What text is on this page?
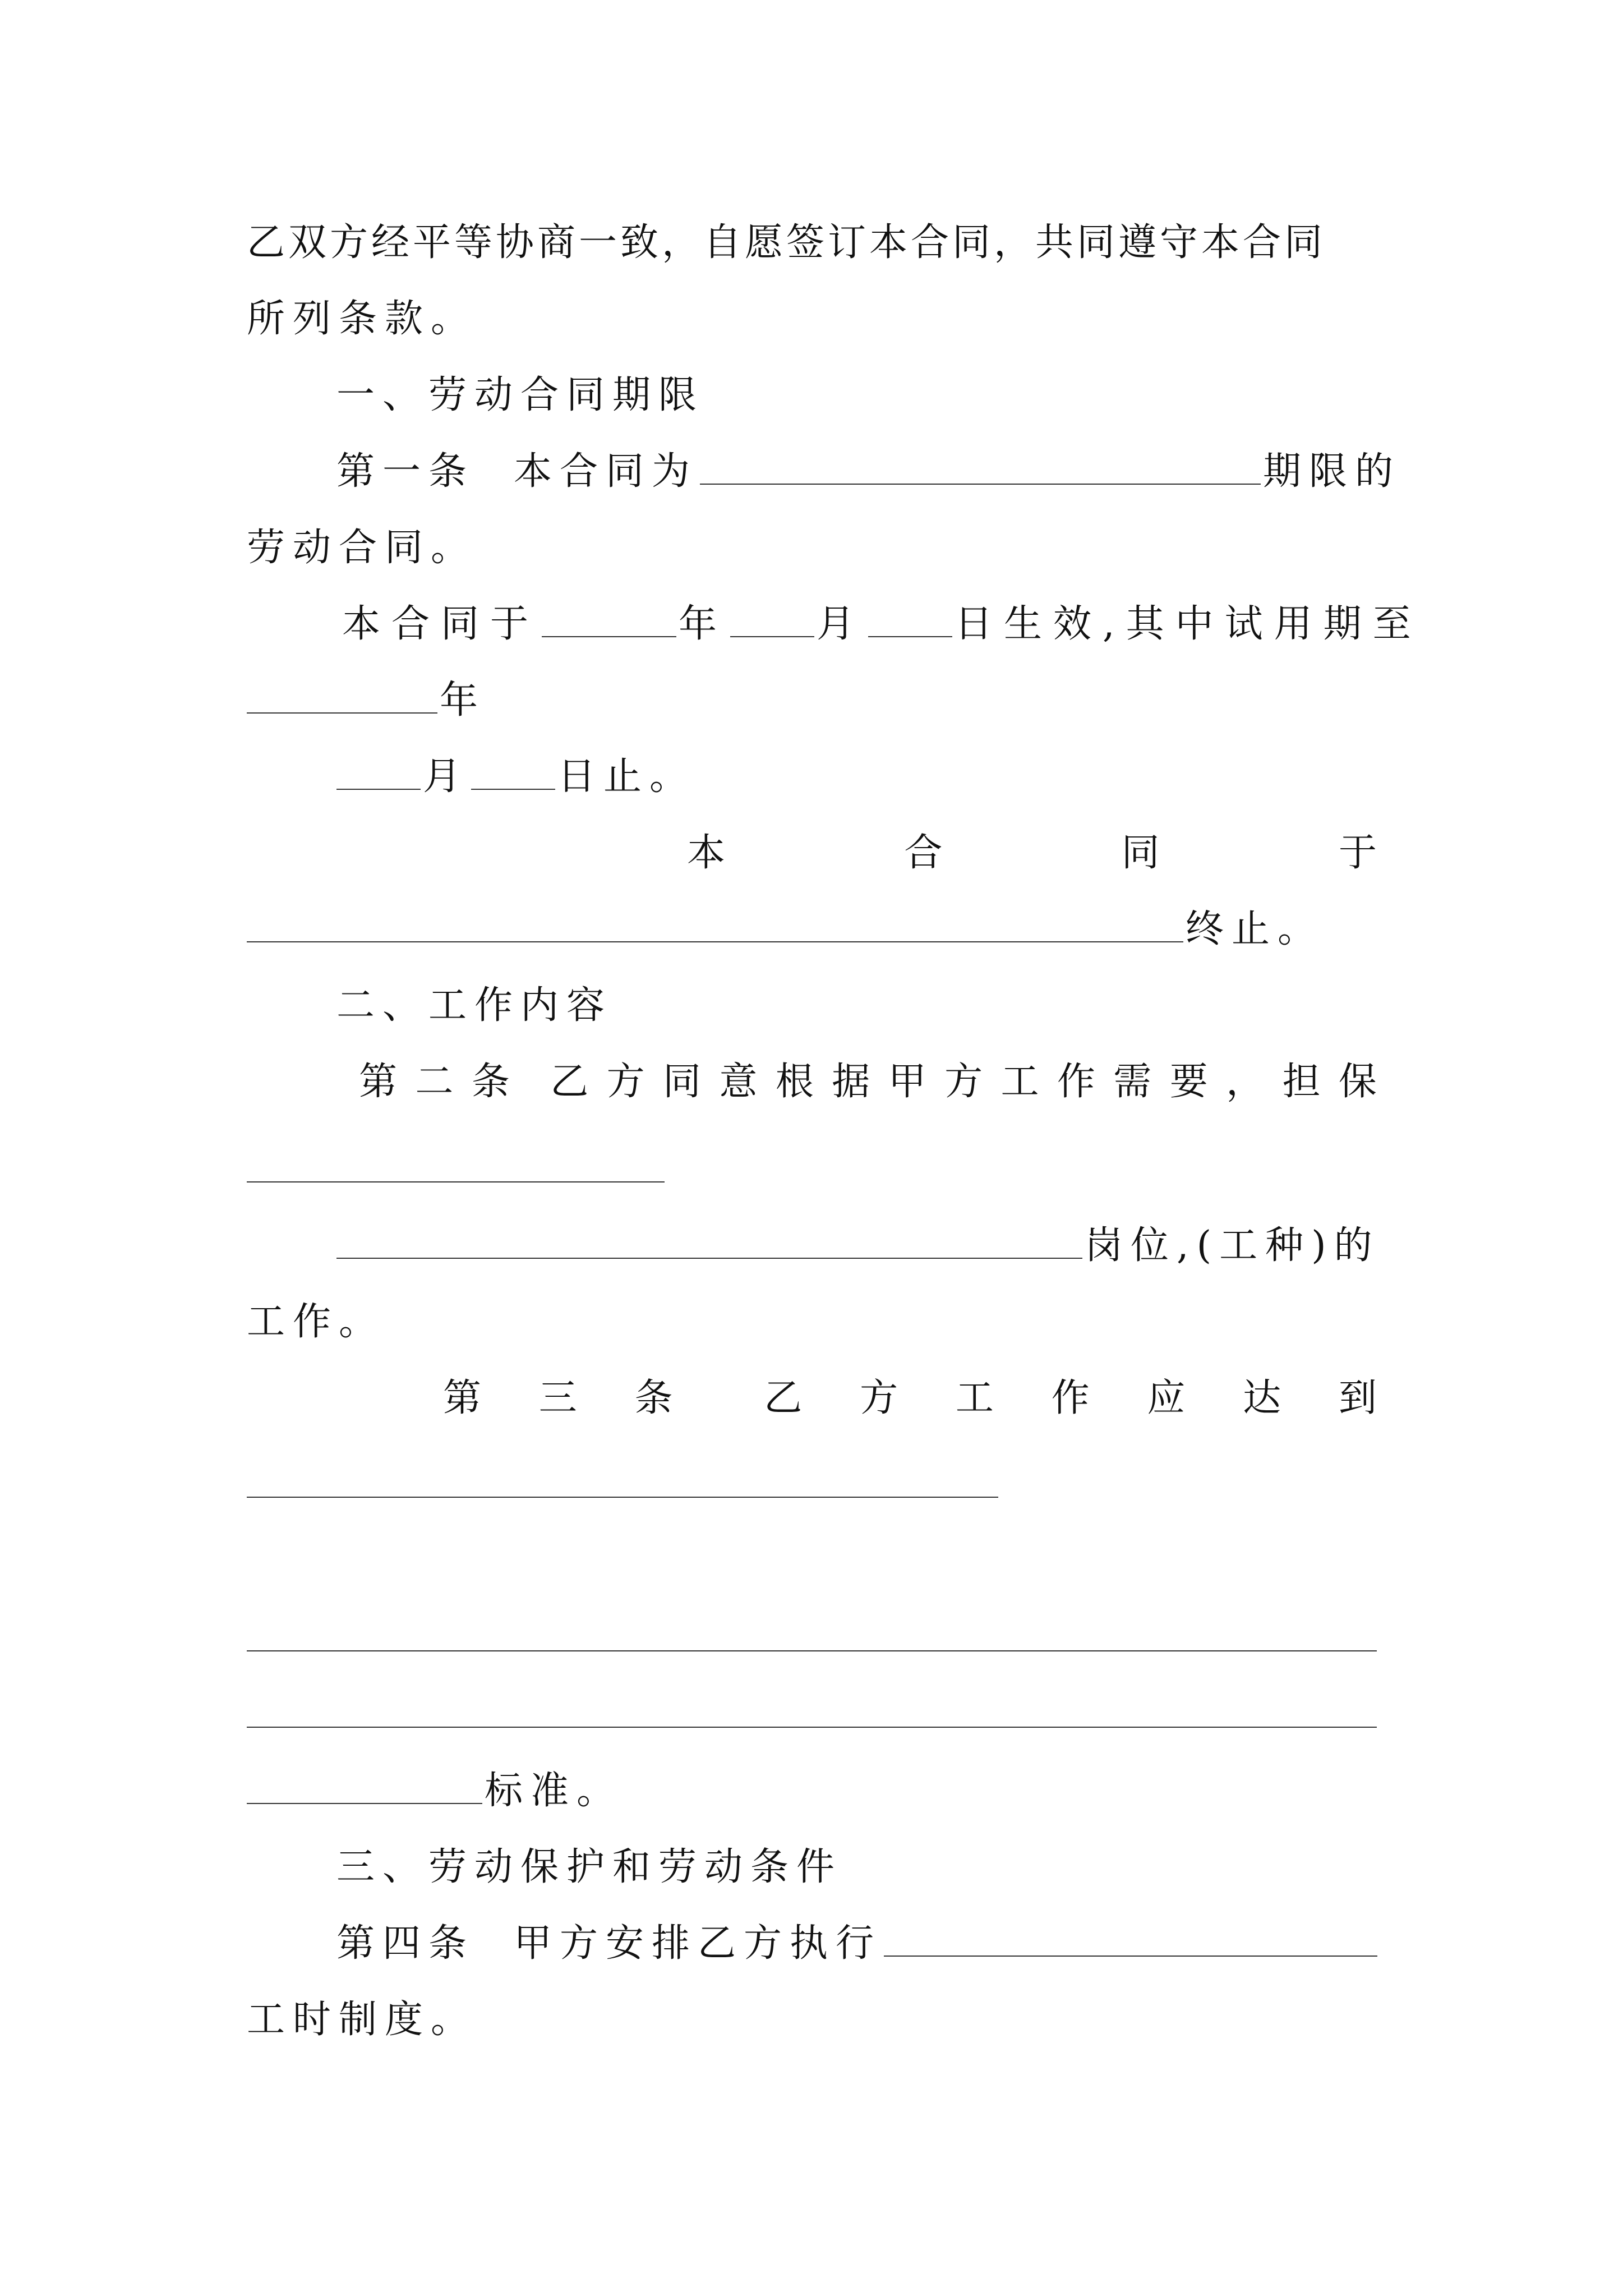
乙双方经平等协商一致，自愿签订本合同，共同遵守本合同
所列条款。
一、劳动合同期限
第一条 本合同为	期限的
劳动合同。
本合同于	年 月 日生效,其中试用期至
年
月 日止。
本	合	同	于
终止。
二、工作内容
第 二 条 乙 方 同 意 根 据 甲 方 工 作 需 要 ， 担 保
岗位,(工种)的
工作。
第 三 条 乙 方 工 作 应 达 到
标准。
三、劳动保护和劳动条件
第四条 甲方安排乙方执行
工时制度。
